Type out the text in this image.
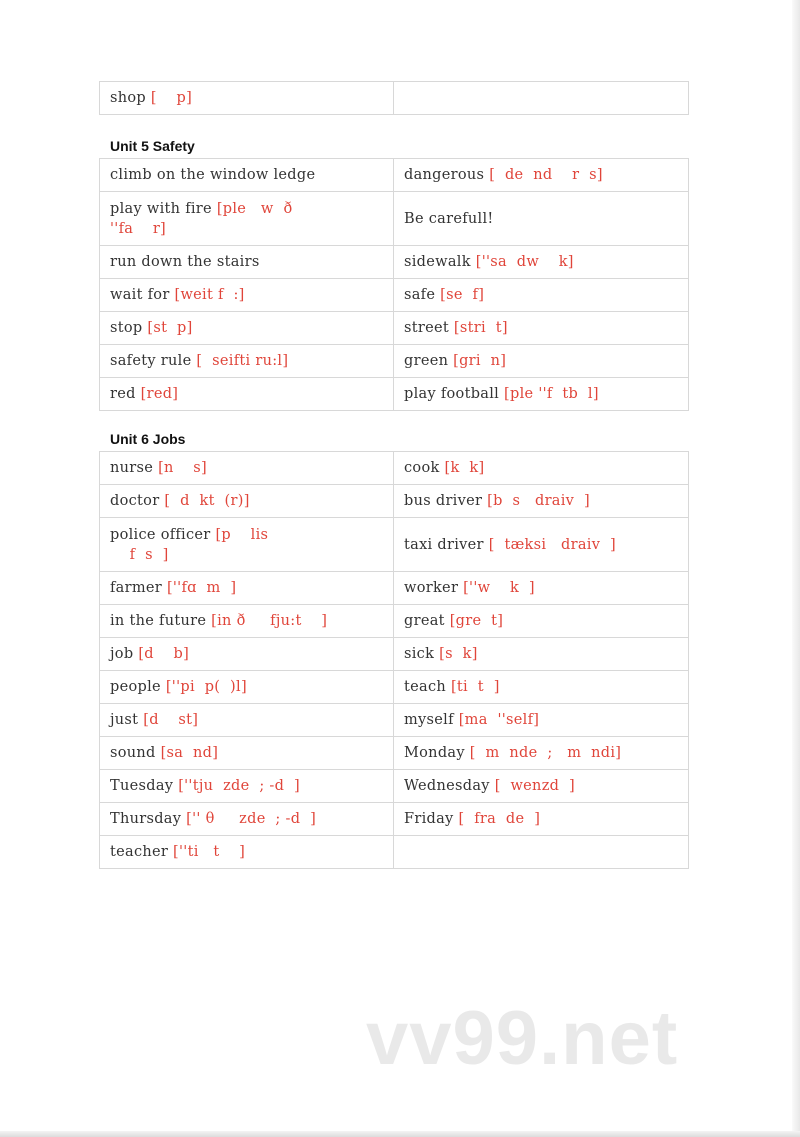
shop [    p]	
Unit 5 Safety
climb on the window ledge	dangerous [  de  nd    r  s]
play with fire [ple   w  ð
''fa    r]	Be carefull!
run down the stairs	sidewalk [''sa  dw    k]
wait for [weit f  :]	safe [se  f]
stop [st  p]	street [stri  t]
safety rule [  seifti ru:l]	green [gri  n]
red [red]	play football [ple ''f  tb  l]
Unit 6 Jobs
nurse [n    s]	cook [k  k]
doctor [  d  kt  (r)]	bus driver [b  s   draiv  ]
police officer [p    lis
f  s  ]	taxi driver [  tæksi   draiv  ]
farmer [''fɑ  m  ]	worker [''w    k  ]
in the future [in ð     fju:t    ]	great [gre  t]
job [d    b]	sick [s  k]
people [''pi  p(  )l]	teach [ti  t  ]
just [d    st]	myself [ma  ''self]
sound [sa  nd]	Monday [  m  nde  ;   m  ndi]
Tuesday [''tju  zde  ; -d  ]	Wednesday [  wenzd  ]
Thursday ['' θ     zde  ; -d  ]	Friday [  fra  de  ]
teacher [''ti   t    ]	
vv99.net
